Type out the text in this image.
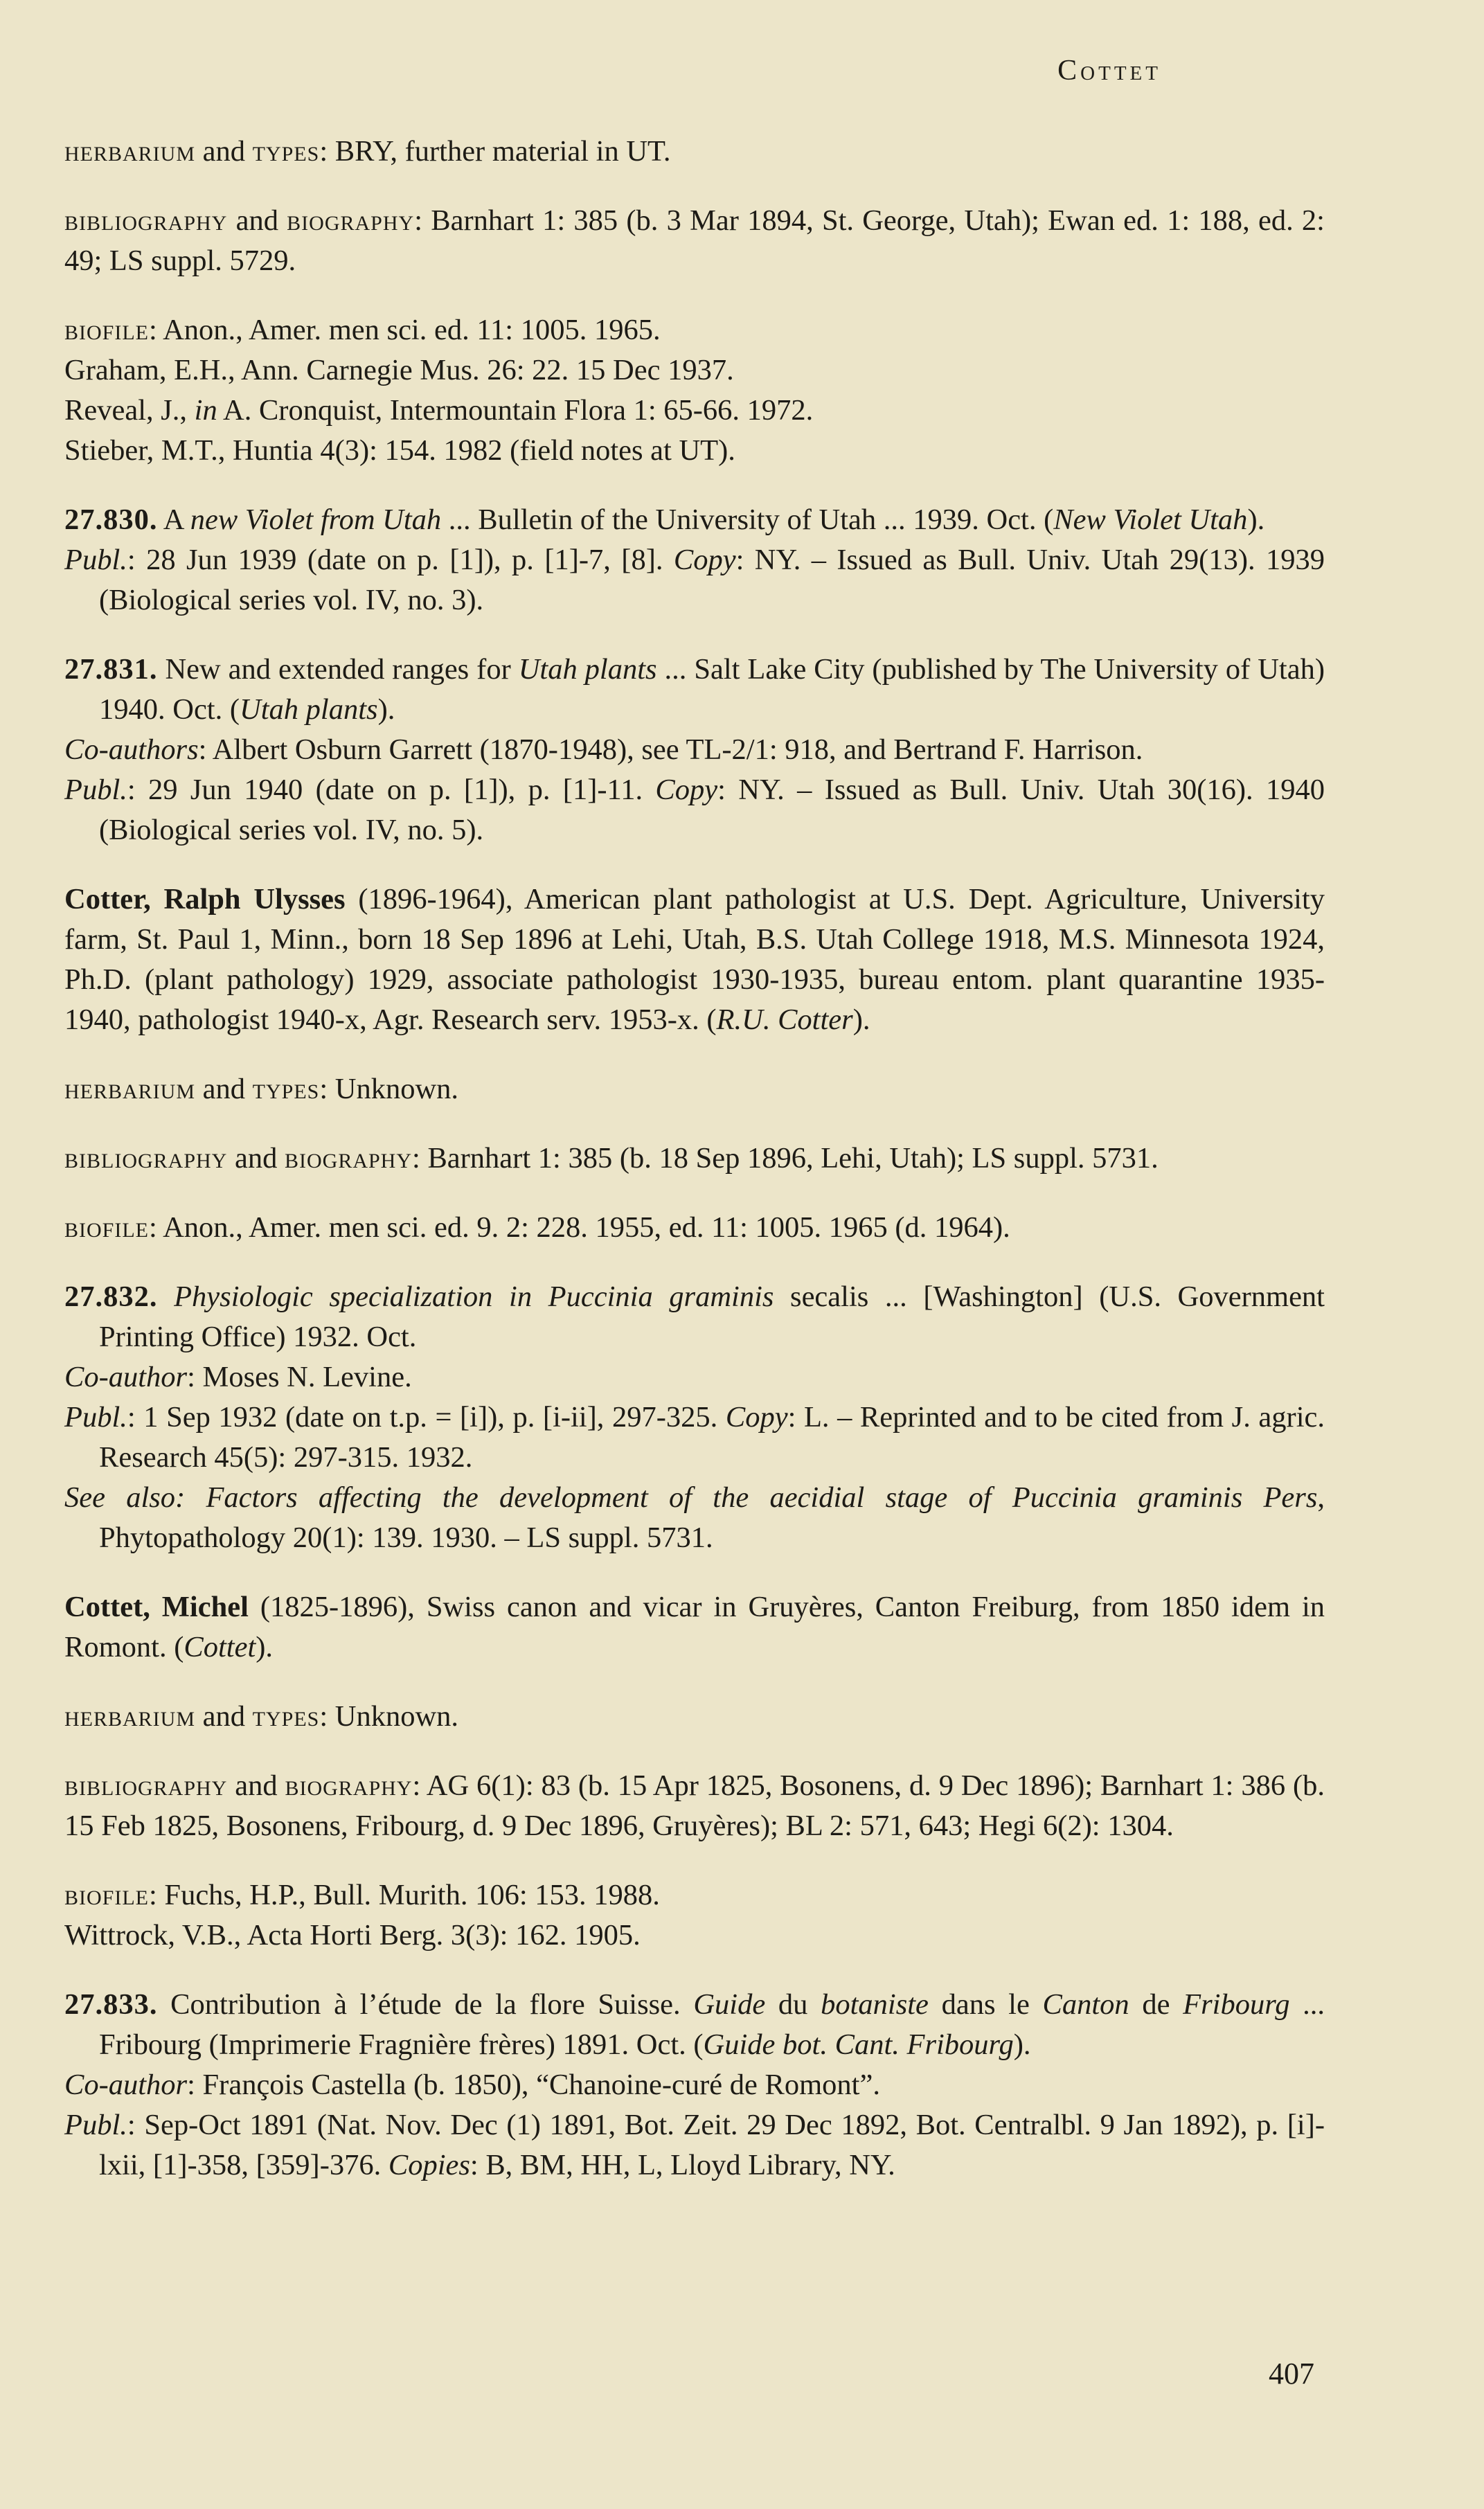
Cottet

herbarium and types: BRY, further material in UT.

bibliography and biography: Barnhart 1: 385 (b. 3 Mar 1894, St. George, Utah); Ewan ed. 1: 188, ed. 2: 49; LS suppl. 5729.

biofile: Anon., Amer. men sci. ed. 11: 1005. 1965.

Graham, E.H., Ann. Carnegie Mus. 26: 22. 15 Dec 1937.

Reveal, J., in A. Cronquist, Intermountain Flora 1: 65-66. 1972.

Stieber, M.T., Huntia 4(3): 154. 1982 (field notes at UT).

27.830. A new Violet from Utah ... Bulletin of the University of Utah ... 1939. Oct. (New Violet Utah).

Publ.: 28 Jun 1939 (date on p. [1]), p. [1]-7, [8]. Copy: NY. – Issued as Bull. Univ. Utah 29(13). 1939 (Biological series vol. IV, no. 3).

27.831. New and extended ranges for Utah plants ... Salt Lake City (published by The University of Utah) 1940. Oct. (Utah plants).

Co-authors: Albert Osburn Garrett (1870-1948), see TL-2/1: 918, and Bertrand F. Harrison.

Publ.: 29 Jun 1940 (date on p. [1]), p. [1]-11. Copy: NY. – Issued as Bull. Univ. Utah 30(16). 1940 (Biological series vol. IV, no. 5).

Cotter, Ralph Ulysses (1896-1964), American plant pathologist at U.S. Dept. Agriculture, University farm, St. Paul 1, Minn., born 18 Sep 1896 at Lehi, Utah, B.S. Utah College 1918, M.S. Minnesota 1924, Ph.D. (plant pathology) 1929, associate pathologist 1930-1935, bureau entom. plant quarantine 1935-1940, pathologist 1940-x, Agr. Research serv. 1953-x. (R.U. Cotter).

herbarium and types: Unknown.

bibliography and biography: Barnhart 1: 385 (b. 18 Sep 1896, Lehi, Utah); LS suppl. 5731.

biofile: Anon., Amer. men sci. ed. 9. 2: 228. 1955, ed. 11: 1005. 1965 (d. 1964).

27.832. Physiologic specialization in Puccinia graminis secalis ... [Washington] (U.S. Government Printing Office) 1932. Oct.

Co-author: Moses N. Levine.

Publ.: 1 Sep 1932 (date on t.p. = [i]), p. [i-ii], 297-325. Copy: L. – Reprinted and to be cited from J. agric. Research 45(5): 297-315. 1932.

See also: Factors affecting the development of the aecidial stage of Puccinia graminis Pers, Phytopathology 20(1): 139. 1930. – LS suppl. 5731.

Cottet, Michel (1825-1896), Swiss canon and vicar in Gruyères, Canton Freiburg, from 1850 idem in Romont. (Cottet).

herbarium and types: Unknown.

bibliography and biography: AG 6(1): 83 (b. 15 Apr 1825, Bosonens, d. 9 Dec 1896); Barnhart 1: 386 (b. 15 Feb 1825, Bosonens, Fribourg, d. 9 Dec 1896, Gruyères); BL 2: 571, 643; Hegi 6(2): 1304.

biofile: Fuchs, H.P., Bull. Murith. 106: 153. 1988.

Wittrock, V.B., Acta Horti Berg. 3(3): 162. 1905.

27.833. Contribution à l’étude de la flore Suisse. Guide du botaniste dans le Canton de Fribourg ... Fribourg (Imprimerie Fragnière frères) 1891. Oct. (Guide bot. Cant. Fribourg).

Co-author: François Castella (b. 1850), “Chanoine-curé de Romont”.

Publ.: Sep-Oct 1891 (Nat. Nov. Dec (1) 1891, Bot. Zeit. 29 Dec 1892, Bot. Centralbl. 9 Jan 1892), p. [i]-lxii, [1]-358, [359]-376. Copies: B, BM, HH, L, Lloyd Library, NY.

407
